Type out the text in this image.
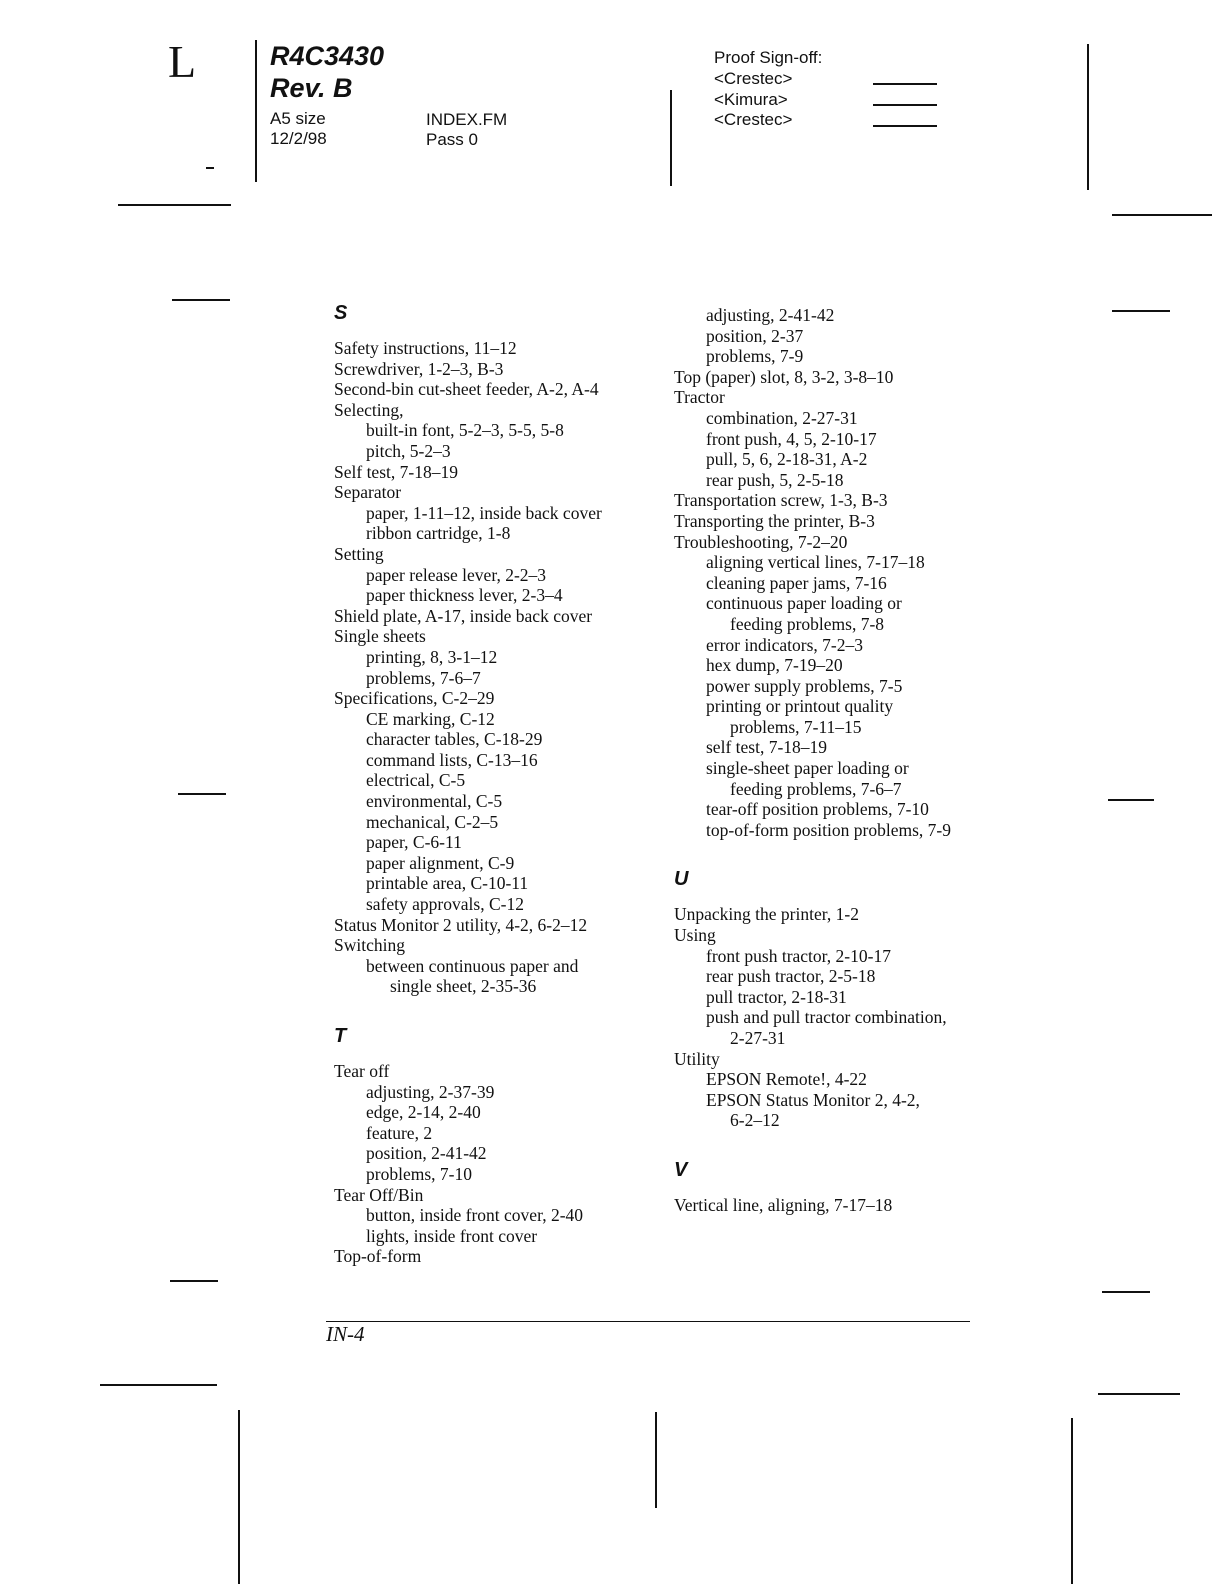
L	R4C3430
Rev. B
A5 size
12/2/98
INDEX.FM
Pass 0
Proof Sign-off:
<Crestec>
<Kimura>
<Crestec>
S
Safety instructions, 11–12
Screwdriver, 1-2–3, B-3
Second-bin cut-sheet feeder, A-2, A-4
Selecting,
built-in font, 5-2–3, 5-5, 5-8
pitch, 5-2–3
Self test, 7-18–19
Separator
paper, 1-11–12, inside back cover
ribbon cartridge, 1-8
Setting
paper release lever, 2-2–3
paper thickness lever, 2-3–4
Shield plate, A-17, inside back cover
Single sheets
printing, 8, 3-1–12
problems, 7-6–7
Specifications, C-2–29
CE marking, C-12
character tables, C-18-29
command lists, C-13–16
electrical, C-5
environmental, C-5
mechanical, C-2–5
paper, C-6-11
paper alignment, C-9
printable area, C-10-11
safety approvals, C-12
Status Monitor 2 utility, 4-2, 6-2–12
Switching
between continuous paper and
single sheet, 2-35-36
T
Tear off
adjusting, 2-37-39
edge, 2-14, 2-40
feature, 2
position, 2-41-42
problems, 7-10
Tear Off/Bin
button, inside front cover, 2-40
lights, inside front cover
Top-of-form
adjusting, 2-41-42
position, 2-37
problems, 7-9
Top (paper) slot, 8, 3-2, 3-8–10
Tractor
combination, 2-27-31
front push, 4, 5, 2-10-17
pull, 5, 6, 2-18-31, A-2
rear push, 5, 2-5-18
Transportation screw, 1-3, B-3
Transporting the printer, B-3
Troubleshooting, 7-2–20
aligning vertical lines, 7-17–18
cleaning paper jams, 7-16
continuous paper loading or
feeding problems, 7-8
error indicators, 7-2–3
hex dump, 7-19–20
power supply problems, 7-5
printing or printout quality
problems, 7-11–15
self test, 7-18–19
single-sheet paper loading or
feeding problems, 7-6–7
tear-off position problems, 7-10
top-of-form position problems, 7-9
U
Unpacking the printer, 1-2
Using
front push tractor, 2-10-17
rear push tractor, 2-5-18
pull tractor, 2-18-31
push and pull tractor combination,
2-27-31
Utility
EPSON Remote!, 4-22
EPSON Status Monitor 2, 4-2,
6-2–12
V
Vertical line, aligning, 7-17–18
IN-4
